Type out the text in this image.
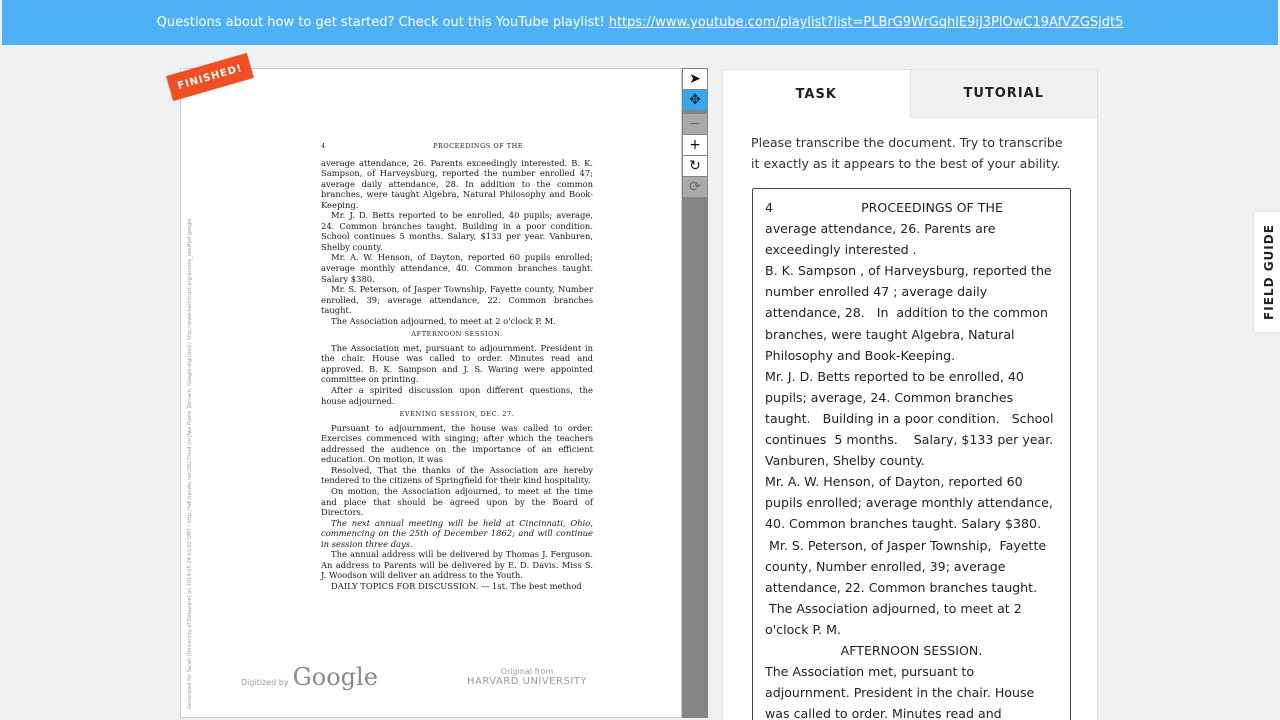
Questions about how to get started? Check out this YouTube playlist! https://www.youtube.com/playlist?list=PLBrG9WrGqhlE9iJ3PlOwC19AfVZGSjdt5
FINISHED!
Generated for Sarah (University of Delaware) on 2014-05-24 01:02 GMT / http://hdl.handle.net/2027/hvd.hxrjfwe Public Domain, Google-digitized / http://www.hathitrust.org/access_use#pd-google
4	PROCEEDINGS OF THE
average attendance, 26. Parents exceedingly interested. B. K. Sampson, of Harveysburg, reported the number enrolled 47; average daily attendance, 28. In addition to the common branches, were taught Algebra, Natural Philosophy and Book-Keeping.
Mr. J. D. Betts reported to be enrolled, 40 pupils; average, 24. Common branches taught. Building in a poor condition. School continues 5 months. Salary, $133 per year. Vanburen, Shelby county.
Mr. A. W. Henson, of Dayton, reported 60 pupils enrolled; average monthly attendance, 40. Common branches taught. Salary $380.
Mr. S. Peterson, of Jasper Township, Fayette county, Number enrolled, 39; average attendance, 22. Common branches taught.
The Association adjourned, to meet at 2 o'clock P. M.
AFTERNOON SESSION.
The Association met, pursuant to adjournment. President in the chair. House was called to order. Minutes read and approved. B. K. Sampson and J. S. Waring were appointed committee on printing.
After a spirited discussion upon different questions, the house adjourned.
EVENING SESSION, DEC. 27.
Pursuant to adjournment, the house was called to order. Exercises commenced with singing; after which the teachers addressed the audience on the importance of an efficient education. On motion, it was
Resolved, That the thanks of the Association are hereby tendered to the citizens of Springfield for their kind hospitality.
On motion, the Association adjourned, to meet at the time and place that should be agreed upon by the Board of Directors.
The next annual meeting will be held at Cincinnati, Ohio, commencing on the 25th of December 1862; and will continue in session three days.
The annual address will be delivered by Thomas J. Ferguson. An address to Parents will be delivered by E. D. Davis. Miss S. J. Woodson will deliver an address to the Youth.
DAILY TOPICS FOR DISCUSSION. — 1st. The best method
Digitized by Google	Original from
HARVARD UNIVERSITY
➤
✥
−
+
↻
⟳
TASK	TUTORIAL
Please transcribe the document. Try to transcribe it exactly as it appears to the best of your ability.
4                      PROCEEDINGS OF THE
average attendance, 26. Parents are
exceedingly interested .
B. K. Sampson , of Harveysburg, reported the
number enrolled 47 ; average daily
attendance, 28.   In  addition to the common
branches, were taught Algebra, Natural
Philosophy and Book-Keeping.
Mr. J. D. Betts reported to be enrolled, 40
pupils; average, 24. Common branches
taught.   Building in a poor condition.   School
continues  5 months.    Salary, $133 per year.
Vanburen, Shelby county.
Mr. A. W. Henson, of Dayton, reported 60
pupils enrolled; average monthly attendance,
40. Common branches taught. Salary $380.
Mr. S. Peterson, of Jasper Township,  Fayette
county, Number enrolled, 39; average
attendance, 22. Common branches taught.
The Association adjourned, to meet at 2
o'clock P. M.
AFTERNOON SESSION.
The Association met, pursuant to
adjournment. President in the chair. House
was called to order. Minutes read and
FIELD GUIDE
